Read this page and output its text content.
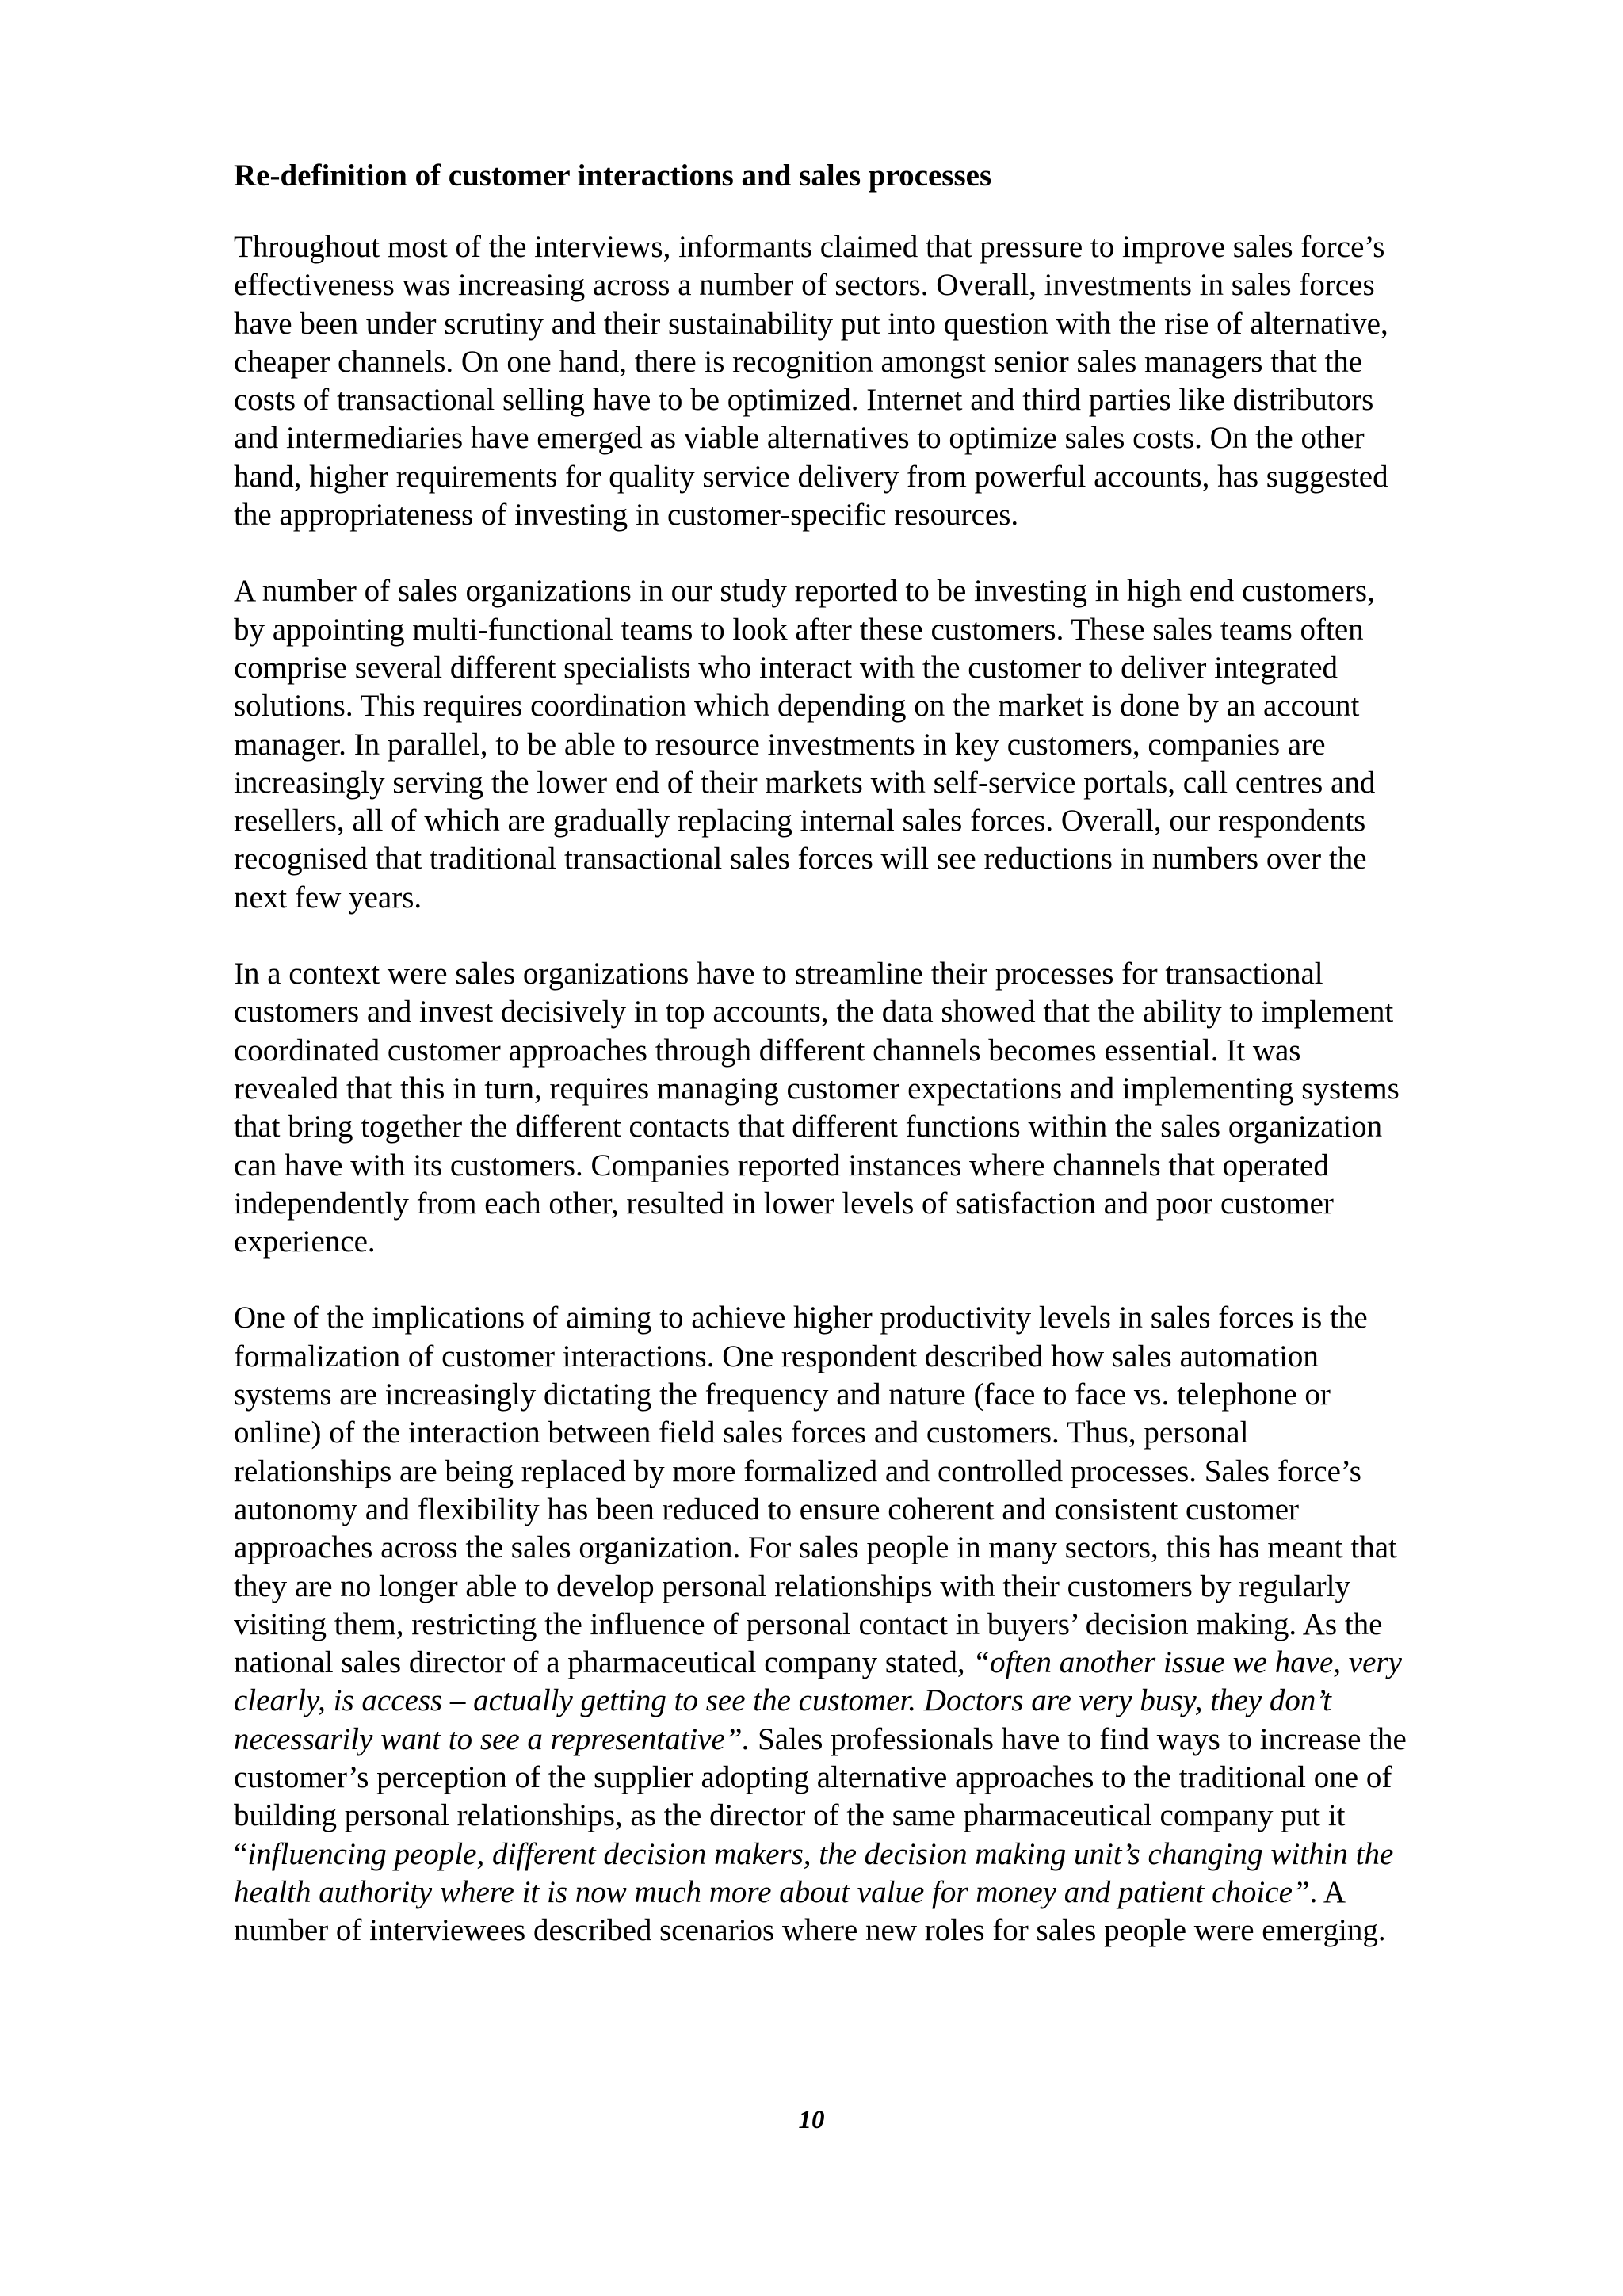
Re-definition of customer interactions and sales processes

Throughout most of the interviews, informants claimed that pressure to improve sales force’s effectiveness was increasing across a number of sectors. Overall, investments in sales forces have been under scrutiny and their sustainability put into question with the rise of alternative, cheaper channels. On one hand, there is recognition amongst senior sales managers that the costs of transactional selling have to be optimized. Internet and third parties like distributors and intermediaries have emerged as viable alternatives to optimize sales costs. On the other hand, higher requirements for quality service delivery from powerful accounts, has suggested the appropriateness of investing in customer-specific resources.

A number of sales organizations in our study reported to be investing in high end customers, by appointing multi-functional teams to look after these customers. These sales teams often comprise several different specialists who interact with the customer to deliver integrated solutions. This requires coordination which depending on the market is done by an account manager. In parallel, to be able to resource investments in key customers, companies are increasingly serving the lower end of their markets with self-service portals, call centres and resellers, all of which are gradually replacing internal sales forces. Overall, our respondents recognised that traditional transactional sales forces will see reductions in numbers over the next few years.

In a context were sales organizations have to streamline their processes for transactional customers and invest decisively in top accounts, the data showed that the ability to implement coordinated customer approaches through different channels becomes essential. It was revealed that this in turn, requires managing customer expectations and implementing systems that bring together the different contacts that different functions within the sales organization can have with its customers. Companies reported instances where channels that operated independently from each other, resulted in lower levels of satisfaction and poor customer experience.

One of the implications of aiming to achieve higher productivity levels in sales forces is the formalization of customer interactions. One respondent described how sales automation systems are increasingly dictating the frequency and nature (face to face vs. telephone or online) of the interaction between field sales forces and customers. Thus, personal relationships are being replaced by more formalized and controlled processes. Sales force’s autonomy and flexibility has been reduced to ensure coherent and consistent customer approaches across the sales organization. For sales people in many sectors, this has meant that they are no longer able to develop personal relationships with their customers by regularly visiting them, restricting the influence of personal contact in buyers’ decision making. As the national sales director of a pharmaceutical company stated, “often another issue we have, very clearly, is access – actually getting to see the customer. Doctors are very busy, they don’t necessarily want to see a representative”. Sales professionals have to find ways to increase the customer’s perception of the supplier adopting alternative approaches to the traditional one of building personal relationships, as the director of the same pharmaceutical company put it “influencing people, different decision makers, the decision making unit’s changing within the health authority where it is now much more about value for money and patient choice”. A number of interviewees described scenarios where new roles for sales people were emerging.

10
